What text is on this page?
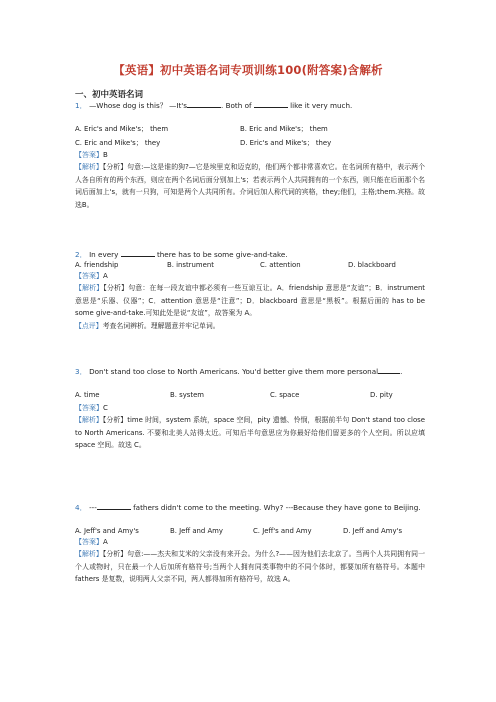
【英语】初中英语名词专项训练100(附答案)含解析
一、初中英语名词
1． —Whose dog is this？ —It's	. Both of	like it very much.
A. Eric's and Mike's； them	B. Eric and Mike's； them
C. Eric and Mike's； they	D. Eric's and Mike's； they
【答案】B
【解析】【分析】句意:—这是谁的狗?—它是埃里克和迈克的，他们两个都非常喜欢它。在名词所有格中，表示两个人各自所有的两个东西，则应在两个名词后面分别加上's；若表示两个人共同拥有的一个东西，则只能在后面那个名词后面加上's，就有一只狗，可知是两个人共同所有。介词后加人称代词的宾格，they;他们，主格;them.宾格。故选B。
2． In every	there has to be some give-and-take.
A. friendship	B. instrument	C. attention	D. blackboard
【答案】A
【解析】【分析】句意：在每一段友谊中都必须有一些互谅互让。A．friendship 意思是“友谊”；B．instrument 意思是“乐器、仪器”；C．attention 意思是“注意”；D．blackboard 意思是“黑板”。根据后面的 has to be some give-and-take.可知此处是说“友谊”，故答案为 A。
【点评】考查名词辨析。理解题意并牢记单词。
3． Don't stand too close to North Americans. You'd better give them more personal	.
A. time	B. system	C. space	D. pity
【答案】C
【解析】【分析】time 时间，system 系统，space 空间，pity 遗憾、怜悯，根据前半句 Don't stand too close to North Americans. 不要和北美人站得太近。可知后半句意思应为你最好给他们留更多的个人空间。所以应填 space 空间。故选 C。
4． ---	fathers didn't come to the meeting. Why? ---Because they have gone to Beijing.
A. Jeff's and Amy's	B. Jeff and Amy	C. Jeff's and Amy	D. Jeff and Amy's
【答案】A
【解析】【分析】句意:——杰夫和艾米的父亲没有来开会。为什么?——因为他们去北京了。当两个人共同拥有同一个人或物时，只在最一个人后加所有格符号;当两个人拥有同类事物中的不同个体时，都要加所有格符号。本题中 fathers 是复数，说明两人父亲不同，两人都得加所有格符号，故选 A。
